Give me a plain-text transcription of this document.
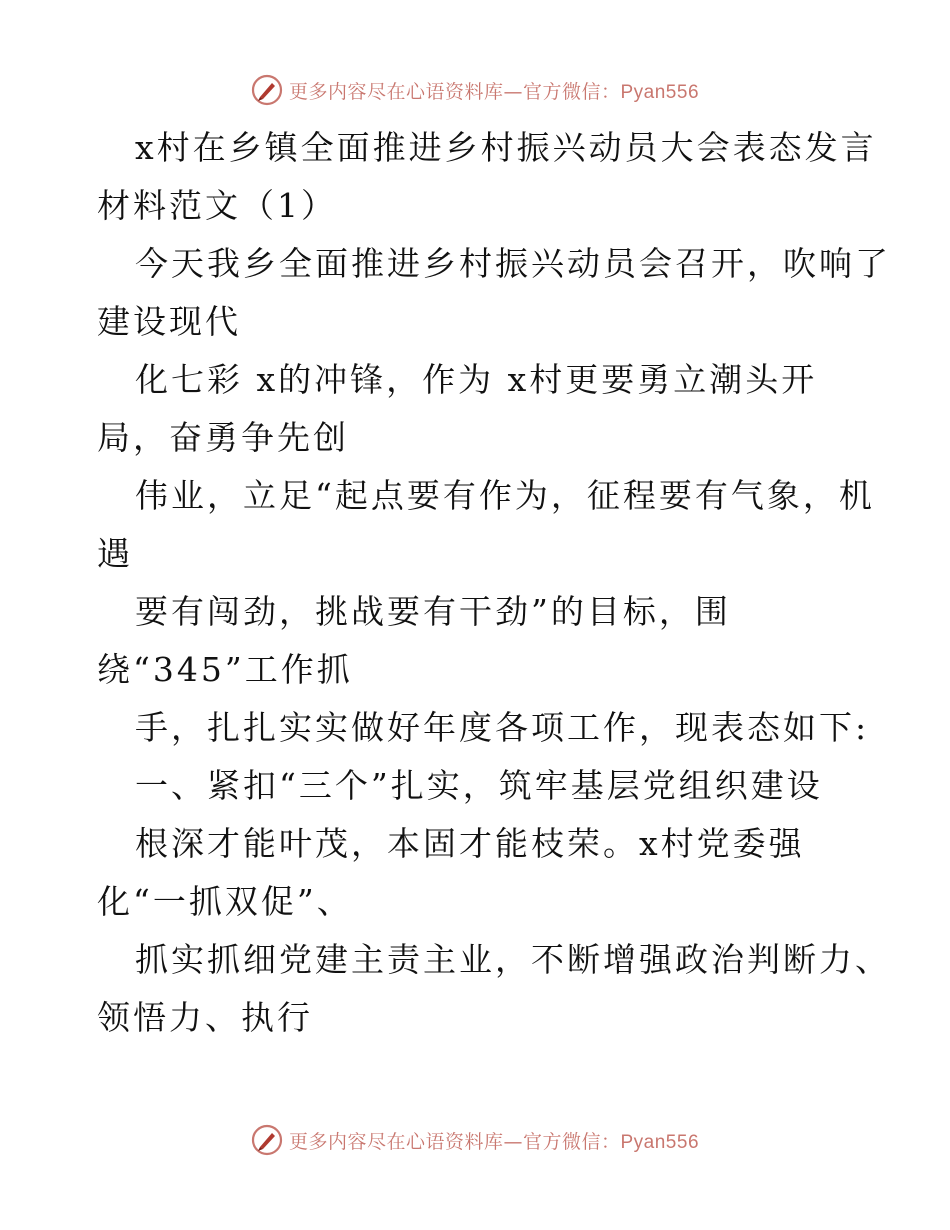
更多内容尽在心语资料库—官方微信：Pyan556
x村在乡镇全面推进乡村振兴动员大会表态发言
材料范文（1）
今天我乡全面推进乡村振兴动员会召开，吹响了
建设现代
化七彩 x的冲锋，作为 x村更要勇立潮头开
局，奋勇争先创
伟业，立足“起点要有作为，征程要有气象，机
遇
要有闯劲，挑战要有干劲”的目标，围
绕“345”工作抓
手，扎扎实实做好年度各项工作，现表态如下:
一、紧扣“三个”扎实，筑牢基层党组织建设
根深才能叶茂，本固才能枝荣。x村党委强
化“一抓双促”、
抓实抓细党建主责主业，不断增强政治判断力、
领悟力、执行
更多内容尽在心语资料库—官方微信：Pyan556
